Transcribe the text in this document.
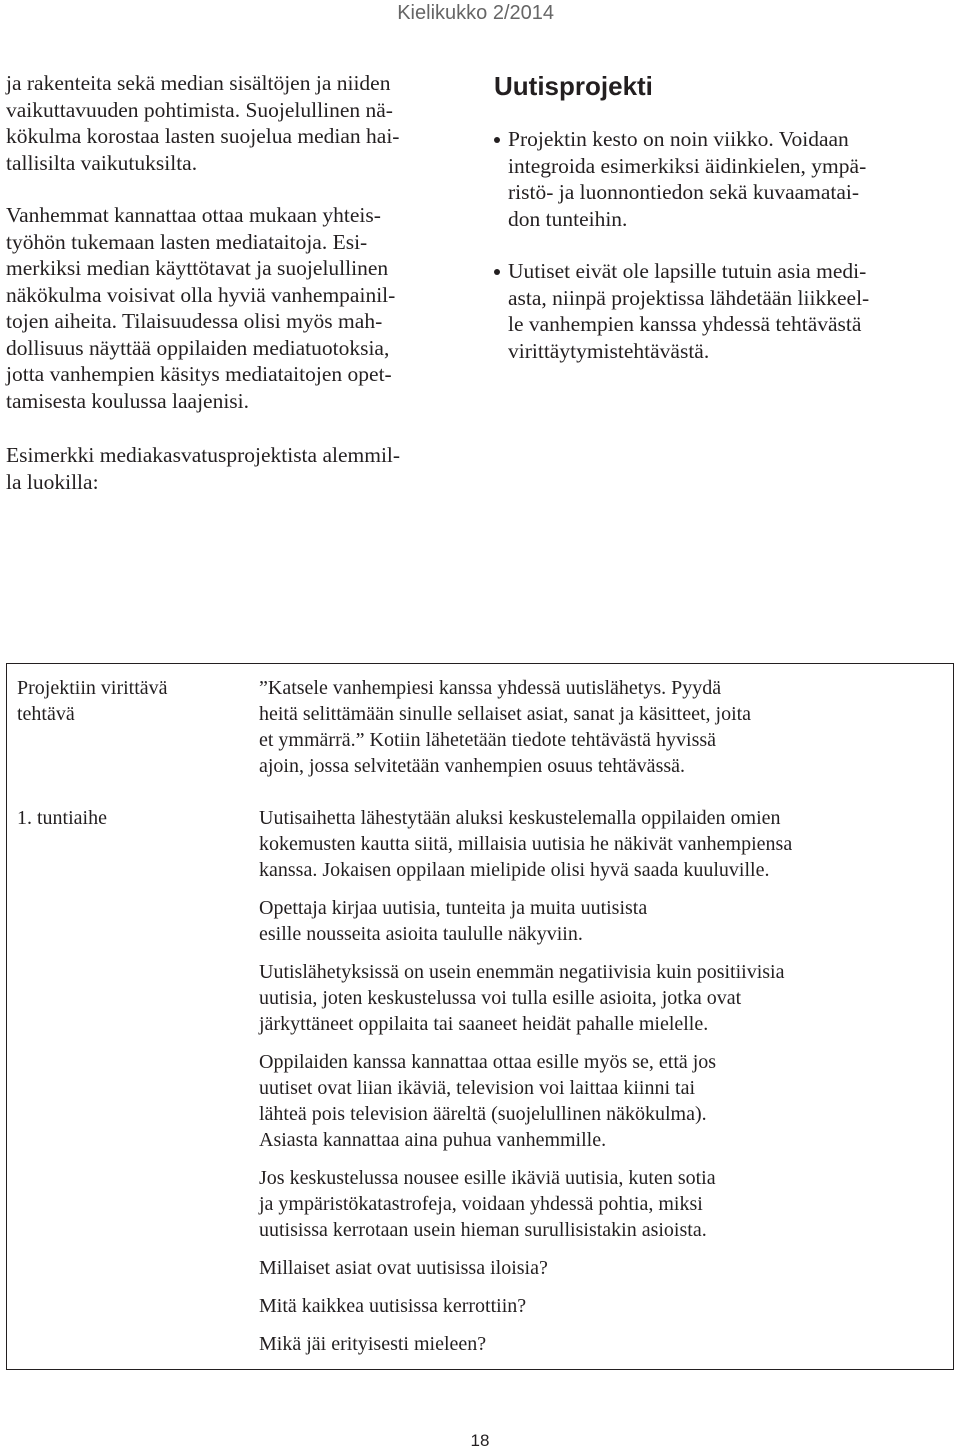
Kielikukko 2/2014

ja rakenteita sekä median sisältöjen ja niiden
vaikuttavuuden pohtimista. Suojelullinen nä-
kökulma korostaa lasten suojelua median hai-
tallisilta vaikutuksilta.

Vanhemmat kannattaa ottaa mukaan yhteis-
työhön tukemaan lasten mediataitoja. Esi-
merkiksi median käyttötavat ja suojelullinen
näkökulma voisivat olla hyviä vanhempainil-
tojen aiheita. Tilaisuudessa olisi myös mah-
dollisuus näyttää oppilaiden mediatuotoksia,
jotta vanhempien käsitys mediataitojen opet-
tamisesta koulussa laajenisi.

Uutisprojekti
Projektin kesto on noin viikko. Voidaan
integroida esimerkiksi äidinkielen, ympä-
ristö- ja luonnontiedon sekä kuvaamatai-
don tunteihin.
Uutiset eivät ole lapsille tutuin asia medi-
asta, niinpä projektissa lähdetään liikkeel-
le vanhempien kanssa yhdessä tehtävästä
virittäytymistehtävästä.

Esimerkki mediakasvatusprojektista alemmil-
la luokilla:

Projektiin virittävä
tehtävä

”Katsele vanhempiesi kanssa yhdessä uutislähetys. Pyydä
heitä selittämään sinulle sellaiset asiat, sanat ja käsitteet, joita
et ymmärrä.” Kotiin lähetetään tiedote tehtävästä hyvissä
ajoin, jossa selvitetään vanhempien osuus tehtävässä.

1. tuntiaihe	Uutisaihetta lähestytään aluksi keskustelemalla oppilaiden omien
kokemusten kautta siitä, millaisia uutisia he näkivät vanhempiensa
kanssa. Jokaisen oppilaan mielipide olisi hyvä saada kuuluville.

Opettaja kirjaa uutisia, tunteita ja muita uutisista
esille nousseita asioita taululle näkyviin.

Uutislähetyksissä on usein enemmän negatiivisia kuin positiivisia
uutisia, joten keskustelussa voi tulla esille asioita, jotka ovat
järkyttäneet oppilaita tai saaneet heidät pahalle mielelle.

Oppilaiden kanssa kannattaa ottaa esille myös se, että jos
uutiset ovat liian ikäviä, television voi laittaa kiinni tai
lähteä pois television ääreltä (suojelullinen näkökulma).
Asiasta kannattaa aina puhua vanhemmille.

Jos keskustelussa nousee esille ikäviä uutisia, kuten sotia
ja ympäristökatastrofeja, voidaan yhdessä pohtia, miksi
uutisissa kerrotaan usein hieman surullisistakin asioista.

Millaiset asiat ovat uutisissa iloisia?

Mitä kaikkea uutisissa kerrottiin?

Mikä jäi erityisesti mieleen?

18
